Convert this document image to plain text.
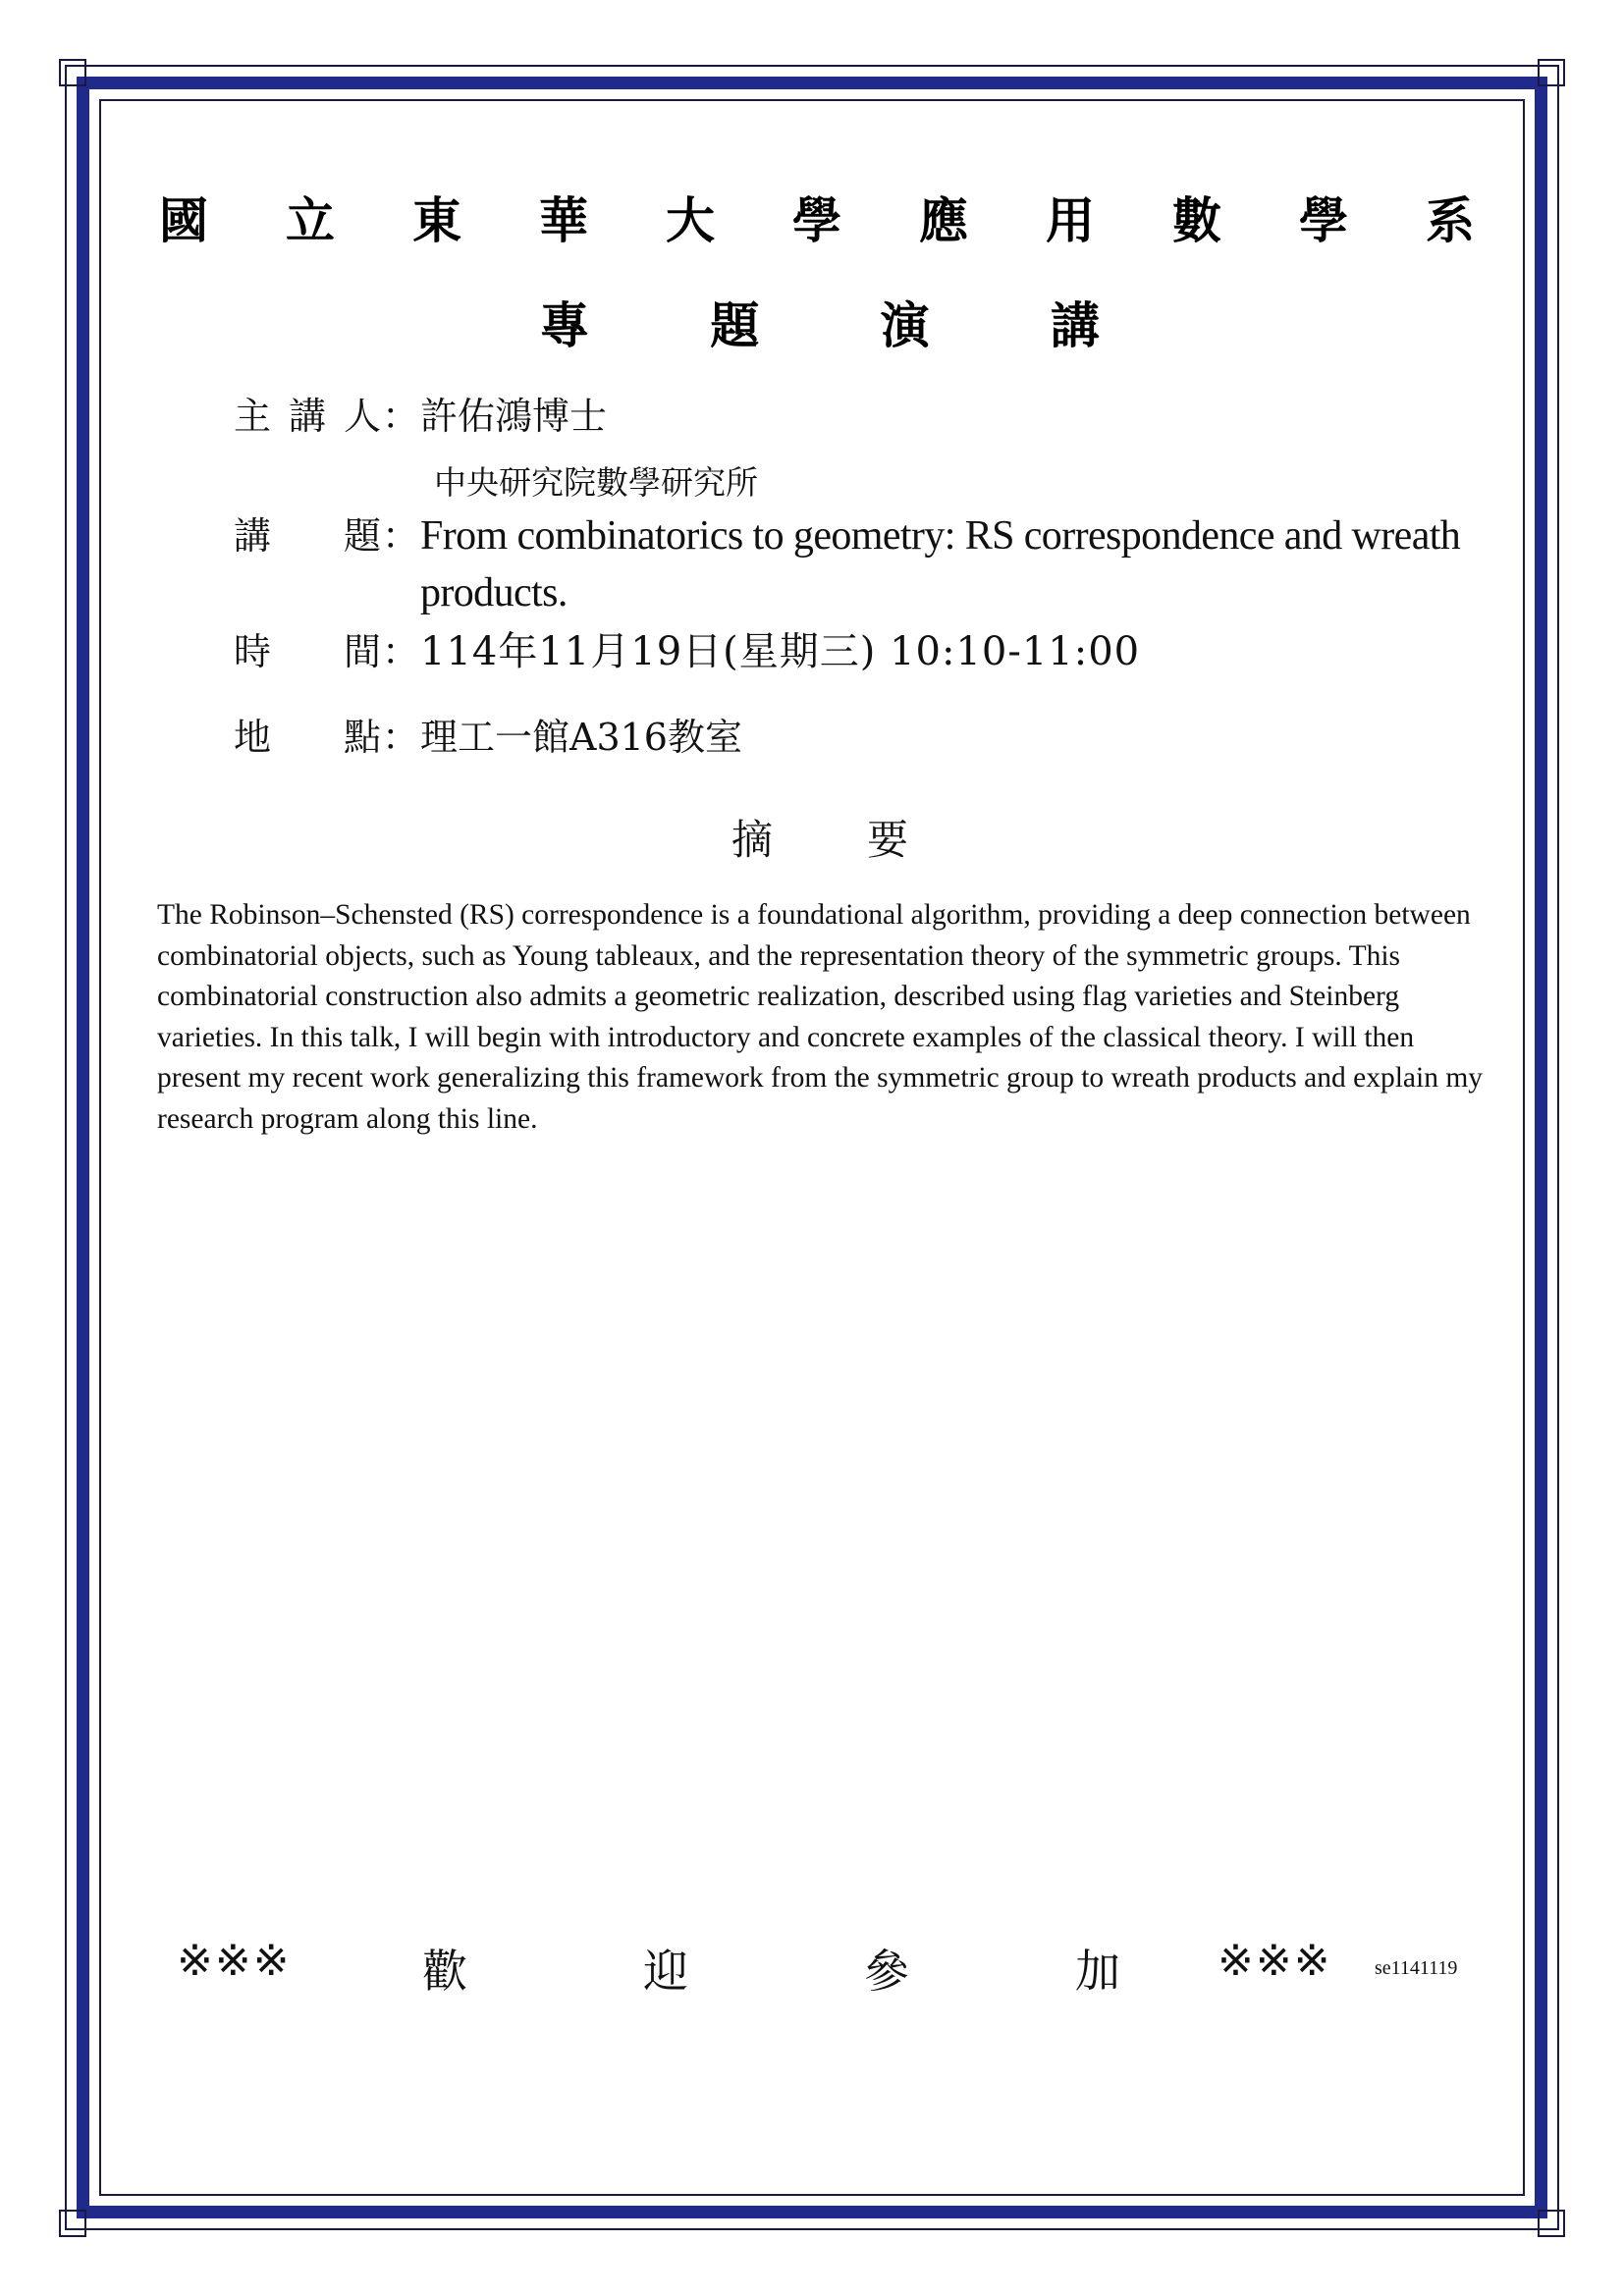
國 立 東 華 大 學 應 用 數 學 系
專 題 演 講
主 講 人 ： 許佑鴻博士
中央研究院數學研究所
講 題 ： From combinatorics to geometry: RS correspondence and wreath products.
時 間 ： 114年11月19日(星期三) 10:10-11:00
地 點 ： 理工一館A316教室
摘 要

The Robinson–Schensted (RS) correspondence is a foundational algorithm, providing a deep connection between combinatorial objects, such as Young tableaux, and the representation theory of the symmetric groups. This combinatorial construction also admits a geometric realization, described using flag varieties and Steinberg varieties. In this talk, I will begin with introductory and concrete examples of the classical theory. I will then present my recent work generalizing this framework from the symmetric group to wreath products and explain my research program along this line.

※※※	歡	迎	參	加 ※※※ se1141119
